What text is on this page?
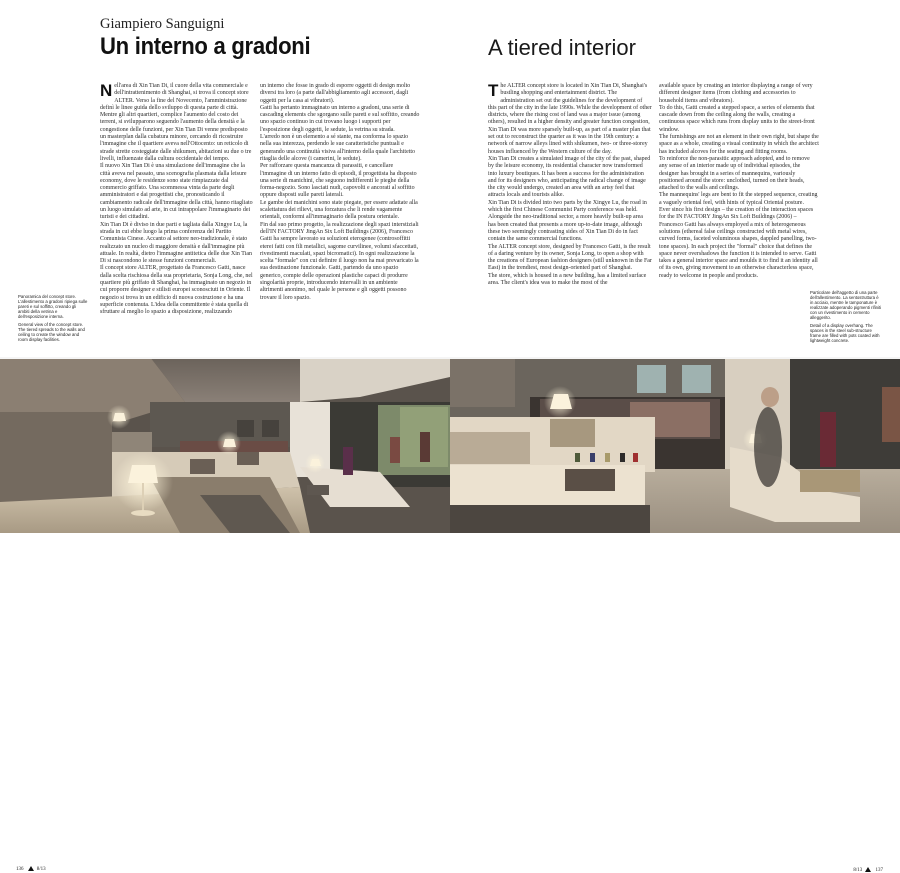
Giampiero Sanguigni
Un interno a gradoni	A tiered interior

Nell'area di Xin Tian Di, il cuore della vita commerciale e dell'intrattenimento di Shanghai, si trova il concept store ALTER. Verso la fine del Novecento, l'amministrazione definì le linee guida dello sviluppo di questa parte di città. Mentre gli altri quartieri, complice l'aumento del costo dei terreni, si svilupparono seguendo l'aumento della densità e la congestione delle funzioni, per Xin Tian Di venne predisposto un masterplan dalla cubatura minore, cercando di ricostruire l'immagine che il quartiere aveva nell'Ottocento: un reticolo di strade strette costeggiate dalle shikumen, abitazioni su due o tre livelli, influenzate dalla cultura occidentale del tempo.

Il nuovo Xin Tian Di è una simulazione dell'immagine che la città aveva nel passato, una scenografia plasmata dalla leisure economy, dove le residenze sono state rimpiazzate dal commercio griffato. Una scommessa vinta da parte degli amministratori e dai progettisti che, pronosticando il cambiamento radicale dell'immagine della città, hanno ritagliato un luogo simulato ad arte, in cui intrappolare l'immaginario dei turisti e dei cittadini.

Xin Tian Di è diviso in due parti e tagliata dalla Xingye Lu, la strada in cui ebbe luogo la prima conferenza del Partito Comunista Cinese. Accanto al settore neo-tradizionale, è stato realizzato un nucleo di maggiore densità e dall'immagine più attuale. In realtà, dietro l'immagine antitetica delle due Xin Tian Di si nascondono le stesse funzioni commerciali.

Il concept store ALTER, progettato da Francesco Gatti, nasce dalla scelta rischiosa della sua proprietaria, Sonja Long, che, nel quartiere più griffato di Shanghai, ha immaginato un negozio in cui proporre designer e stilisti europei sconosciuti in Oriente. Il negozio si trova in un edificio di nuova costruzione e ha una superficie contenuta. L'idea della committente è stata quella di sfruttare al meglio lo spazio a disposizione, realizzando

un interno che fosse in grado di esporre oggetti di design molto diversi tra loro (a parte dall'abbigliamento agli accessori, dagli oggetti per la casa ai vibratori).

Gatti ha pertanto immaginato un interno a gradoni, una serie di cascading elements che sgorgano sulle pareti e sul soffitto, creando uno spazio continuo in cui trovano luogo i supporti per l'esposizione degli oggetti, le sedute, la vetrina su strada.

L'arredo non è un elemento a sé stante, ma conforma lo spazio nella sua interezza, perdendo le sue caratteristiche puntuali e generando una continuità visiva all'interno della quale l'architetto ritaglia delle alcove (i camerini, le sedute).

Per rafforzare questa mancanza di parassiti, e cancellare l'immagine di un interno fatto di episodi, il progettista ha disposto una serie di manichini, che seguono indifferenti le pieghe della forma-negozio. Sono lasciati nudi, capovolti e ancorati al soffitto oppure disposti sulle pareti laterali.

Le gambe dei manichini sono state piegate, per essere adattate alla scalettatura dei rilievi, una forzatura che li rende vagamente orientali, conformi all'immaginario della postura orientale.

Fin dal suo primo progetto, la realizzazione degli spazi interstiziali dell'IN FACTORY JingAn Six Loft Buildings (2006), Francesco Gatti ha sempre lavorato su soluzioni eterogenee (controsoffitti eterei fatti con fili metallici, sagome curvilinee, volumi sfaccettati, rivestimenti maculati, spazi bicromatici). In ogni realizzazione la scelta "formale" con cui definire il luogo non ha mai prevaricato la sua destinazione funzionale. Gatti, partendo da uno spazio generico, compie delle operazioni plastiche capaci di produrre singolarità proprie, introducendo intervalli in un ambiente altrimenti anonimo, nel quale le persone e gli oggetti possono trovare il loro spazio.

The ALTER concept store is located in Xin Tian Di, Shanghai's bustling shopping and entertainment district. The administration set out the guidelines for the development of this part of the city in the late 1990s. While the development of other districts, where the rising cost of land was a major issue (among others), resulted in a higher density and greater function congestion, Xin Tian Di was more sparsely built-up, as part of a master plan that set out to reconstruct the quarter as it was in the 19th century: a network of narrow alleys lined with shikumen, two- or three-storey houses influenced by the Western culture of the day.

Xin Tian Di creates a simulated image of the city of the past, shaped by the leisure economy, its residential character now transformed into luxury boutiques. It has been a success for the administration and for its designers who, anticipating the radical change of image the city would undergo, created an area with an artsy feel that attracts locals and tourists alike.

Xin Tian Di is divided into two parts by the Xingye Lu, the road in which the first Chinese Communist Party conference was held. Alongside the neo-traditional sector, a more heavily built-up area has been created that presents a more up-to-date image, although these two seemingly contrasting sides of Xin Tian Di do in fact contain the same commercial functions.

The ALTER concept store, designed by Francesco Gatti, is the result of a daring venture by its owner, Sonja Long, to open a shop with the creations of European fashion designers (still unknown in the Far East) in the trendiest, most design-oriented part of Shanghai.

The store, which is housed in a new building, has a limited surface area. The client's idea was to make the most of the

available space by creating an interior displaying a range of very different designer items (from clothing and accessories to household items and vibrators).

To do this, Gatti created a stepped space, a series of elements that cascade down from the ceiling along the walls, creating a continuous space which runs from display units to the street-front window.

The furnishings are not an element in their own right, but shape the space as a whole, creating a visual continuity in which the architect has included alcoves for the seating and fitting rooms.

To reinforce the non-parasitic approach adopted, and to remove any sense of an interior made up of individual episodes, the designer has brought in a series of mannequins, variously positioned around the store: unclothed, turned on their heads, attached to the walls and ceilings.

The mannequins' legs are bent to fit the stepped sequence, creating a vaguely oriental feel, with hints of typical Oriental posture.

Ever since his first design – the creation of the interaction spaces for the IN FACTORY JingAn Six Loft Buildings (2006) – Francesco Gatti has always employed a mix of heterogeneous solutions (ethereal false ceilings constructed with metal wires, curved forms, faceted voluminous shapes, dappled panelling, two-tone spaces). In each project the "formal" choice that defines the space never overshadows the function it is intended to serve. Gatti takes a general interior space and moulds it to find it an identity all of its own, giving movement to an otherwise characterless space, ready to welcome in people and products.

Panoramica del concept store. L'allestimento a gradoni ripiega sulle pareti e sul soffitto, creando gli ambiti della vetrina e dell'esposizione interna.

General view of the concept store. The tiered spreads to the walls and ceiling to create the window and room display facilities.

Particolare dell'aggetto di una parte dell'allestimento. La sentostruttura è in acciaio, mentre le tamponature è realizzate adoperando pigmenti rifiniti con un rivestimento in cemento alleggerito.

Detail of a display overhang. The spaces in the steel sub-structure frame are filled with pots coated with lightweight concrete.

136	8/13	8/13	137
